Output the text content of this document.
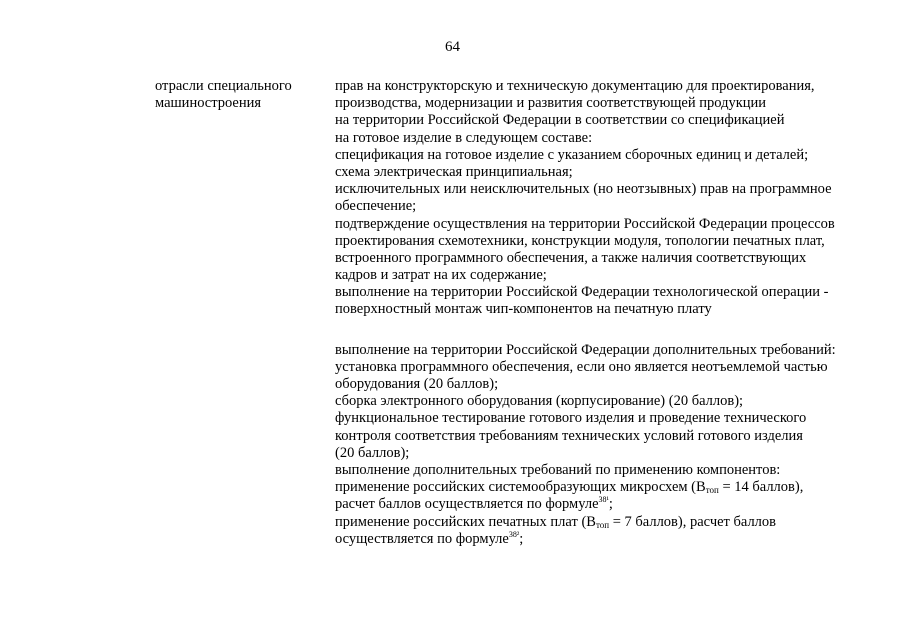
64
отрасли специального
машиностроения
прав на конструкторскую и техническую документацию для проектирования,
производства, модернизации и развития соответствующей продукции
на территории Российской Федерации в соответствии со спецификацией
на готовое изделие в следующем составе:
спецификация на готовое изделие с указанием сборочных единиц и деталей;
схема электрическая принципиальная;
исключительных или неисключительных (но неотзывных) прав на программное
обеспечение;
подтверждение осуществления на территории Российской Федерации процессов
проектирования схемотехники, конструкции модуля, топологии печатных плат,
встроенного программного обеспечения, а также наличия соответствующих
кадров и затрат на их содержание;
выполнение на территории Российской Федерации технологической операции -
поверхностный монтаж чип-компонентов на печатную плату
выполнение на территории Российской Федерации дополнительных требований:
установка программного обеспечения, если оно является неотъемлемой частью
оборудования (20 баллов);
сборка электронного оборудования (корпусирование) (20 баллов);
функциональное тестирование готового изделия и проведение технического
контроля соответствия требованиям технических условий готового изделия
(20 баллов);
выполнение дополнительных требований по применению компонентов:
применение российских системообразующих микросхем ($B_{топ} = 14$ баллов),
расчет баллов осуществляется по формуле$^{38^1}$;
применение российских печатных плат ($B_{топ} = 7$ баллов), расчет баллов
осуществляется по формуле$^{38^2}$;
